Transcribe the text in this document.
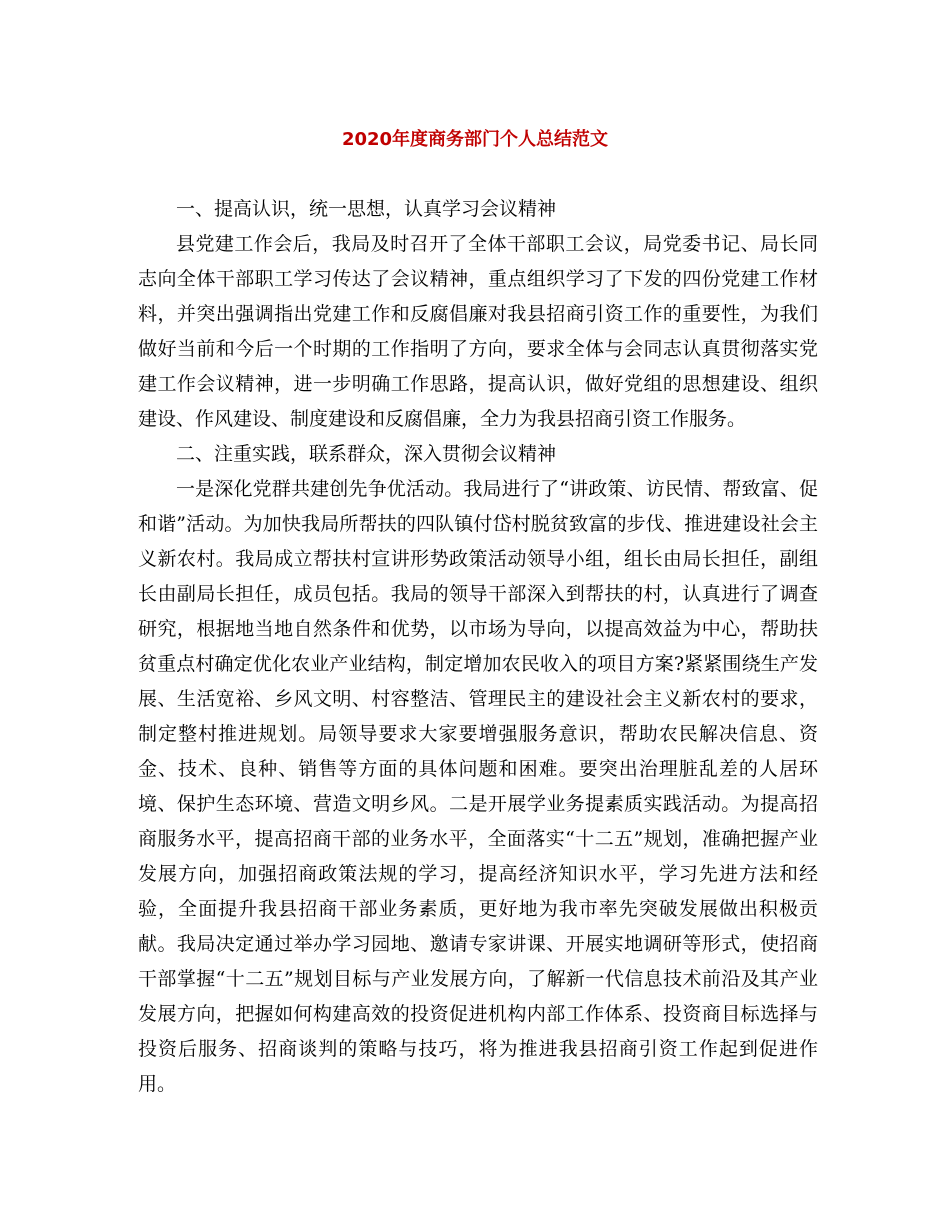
2020年度商务部门个人总结范文

一、提高认识，统一思想，认真学习会议精神

县党建工作会后，我局及时召开了全体干部职工会议，局党委书记、局长同志向全体干部职工学习传达了会议精神，重点组织学习了下发的四份党建工作材料，并突出强调指出党建工作和反腐倡廉对我县招商引资工作的重要性，为我们做好当前和今后一个时期的工作指明了方向，要求全体与会同志认真贯彻落实党建工作会议精神，进一步明确工作思路，提高认识，做好党组的思想建设、组织建设、作风建设、制度建设和反腐倡廉，全力为我县招商引资工作服务。

二、注重实践，联系群众，深入贯彻会议精神

一是深化党群共建创先争优活动。我局进行了“讲政策、访民情、帮致富、促和谐”活动。为加快我局所帮扶的四队镇付岱村脱贫致富的步伐、推进建设社会主义新农村。我局成立帮扶村宣讲形势政策活动领导小组，组长由局长担任，副组长由副局长担任，成员包括。我局的领导干部深入到帮扶的村，认真进行了调查研究，根据地当地自然条件和优势，以市场为导向，以提高效益为中心，帮助扶贫重点村确定优化农业产业结构，制定增加农民收入的项目方案?紧紧围绕生产发展、生活宽裕、乡风文明、村容整洁、管理民主的建设社会主义新农村的要求，制定整村推进规划。局领导要求大家要增强服务意识，帮助农民解决信息、资金、技术、良种、销售等方面的具体问题和困难。要突出治理脏乱差的人居环境、保护生态环境、营造文明乡风。二是开展学业务提素质实践活动。为提高招商服务水平，提高招商干部的业务水平，全面落实“十二五”规划，准确把握产业发展方向，加强招商政策法规的学习，提高经济知识水平，学习先进方法和经验，全面提升我县招商干部业务素质，更好地为我市率先突破发展做出积极贡献。我局决定通过举办学习园地、邀请专家讲课、开展实地调研等形式，使招商干部掌握“十二五”规划目标与产业发展方向，了解新一代信息技术前沿及其产业发展方向，把握如何构建高效的投资促进机构内部工作体系、投资商目标选择与投资后服务、招商谈判的策略与技巧，将为推进我县招商引资工作起到促进作用。
